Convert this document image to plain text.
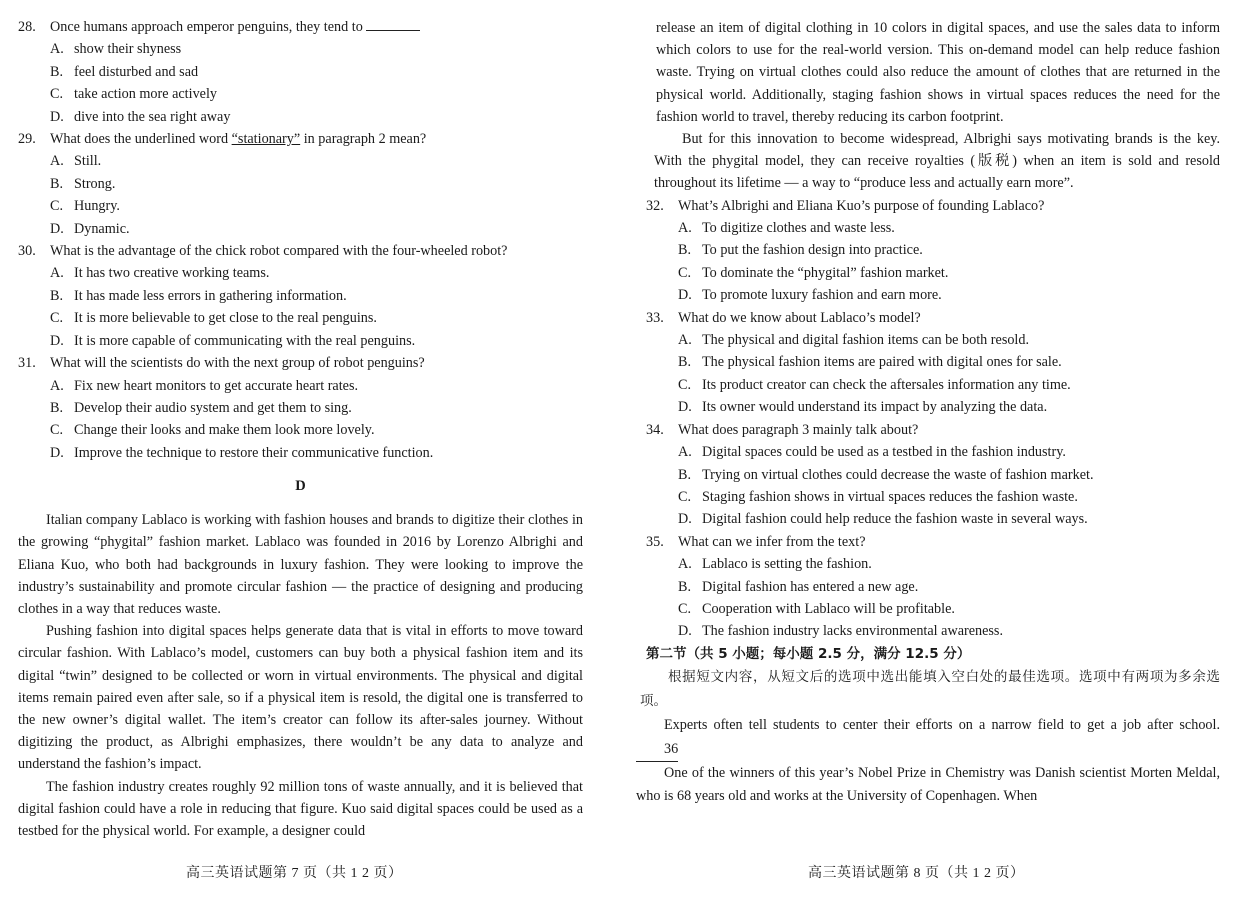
28. Once humans approach emperor penguins, they tend to
A. show their shyness
B. feel disturbed and sad
C. take action more actively
D. dive into the sea right away
29. What does the underlined word “stationary” in paragraph 2 mean?
A. Still.
B. Strong.
C. Hungry.
D. Dynamic.
30. What is the advantage of the chick robot compared with the four-wheeled robot?
A. It has two creative working teams.
B. It has made less errors in gathering information.
C. It is more believable to get close to the real penguins.
D. It is more capable of communicating with the real penguins.
31. What will the scientists do with the next group of robot penguins?
A. Fix new heart monitors to get accurate heart rates.
B. Develop their audio system and get them to sing.
C. Change their looks and make them look more lovely.
D. Improve the technique to restore their communicative function.
D

Italian company Lablaco is working with fashion houses and brands to digitize their clothes in the growing “phygital” fashion market. Lablaco was founded in 2016 by Lorenzo Albrighi and Eliana Kuo, who both had backgrounds in luxury fashion. They were looking to improve the industry’s sustainability and promote circular fashion — the practice of designing and producing clothes in a way that reduces waste.

Pushing fashion into digital spaces helps generate data that is vital in efforts to move toward circular fashion. With Lablaco’s model, customers can buy both a physical fashion item and its digital “twin” designed to be collected or worn in virtual environments. The physical and digital items remain paired even after sale, so if a physical item is resold, the digital one is transferred to the new owner’s digital wallet. The item’s creator can follow its after-sales journey. Without digitizing the product, as Albrighi emphasizes, there wouldn’t be any data to analyze and understand the fashion’s impact.

The fashion industry creates roughly 92 million tons of waste annually, and it is believed that digital fashion could have a role in reducing that figure. Kuo said digital spaces could be used as a testbed for the physical world. For example, a designer could

高三英语试题第 7 页（共 1 2 页）

release an item of digital clothing in 10 colors in digital spaces, and use the sales data to inform which colors to use for the real-world version. This on-demand model can help reduce fashion waste. Trying on virtual clothes could also reduce the amount of clothes that are returned in the physical world. Additionally, staging fashion shows in virtual spaces reduces the need for the fashion world to travel, thereby reducing its carbon footprint.

But for this innovation to become widespread, Albrighi says motivating brands is the key. With the phygital model, they can receive royalties (版税) when an item is sold and resold throughout its lifetime — a way to “produce less and actually earn more”.

32. What’s Albrighi and Eliana Kuo’s purpose of founding Lablaco?
A. To digitize clothes and waste less.
B. To put the fashion design into practice.
C. To dominate the “phygital” fashion market.
D. To promote luxury fashion and earn more.
33. What do we know about Lablaco’s model?
A. The physical and digital fashion items can be both resold.
B. The physical fashion items are paired with digital ones for sale.
C. Its product creator can check the aftersales information any time.
D. Its owner would understand its impact by analyzing the data.
34. What does paragraph 3 mainly talk about?
A. Digital spaces could be used as a testbed in the fashion industry.
B. Trying on virtual clothes could decrease the waste of fashion market.
C. Staging fashion shows in virtual spaces reduces the fashion waste.
D. Digital fashion could help reduce the fashion waste in several ways.
35. What can we infer from the text?
A. Lablaco is setting the fashion.
B. Digital fashion has entered a new age.
C. Cooperation with Lablaco will be profitable.
D. The fashion industry lacks environmental awareness.
第二节（共 5 小题；每小题 2.5 分，满分 12.5 分）

根据短文内容，从短文后的选项中选出能填入空白处的最佳选项。选项中有两项为多余选项。

Experts often tell students to center their efforts on a narrow field to get a job after school. 36

One of the winners of this year’s Nobel Prize in Chemistry was Danish scientist Morten Meldal, who is 68 years old and works at the University of Copenhagen. When

高三英语试题第 8 页（共 1 2 页）
